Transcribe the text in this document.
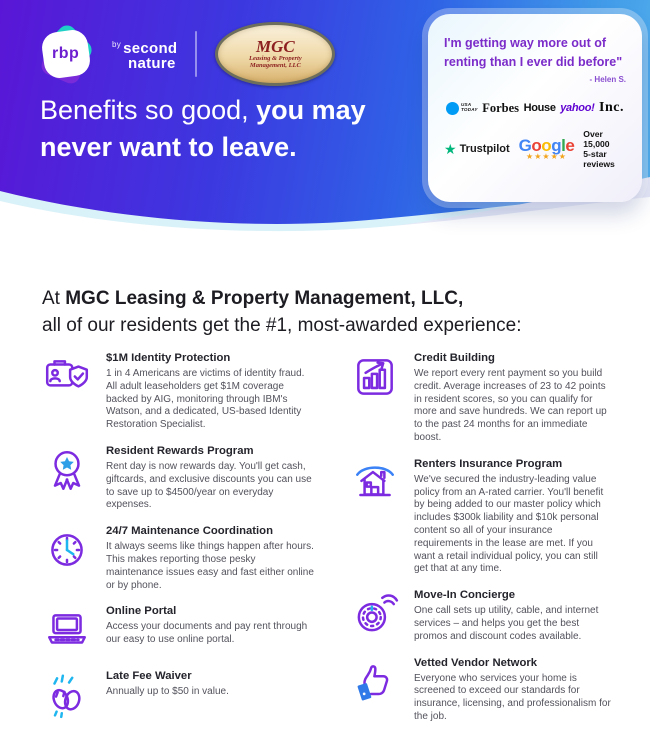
rbp
$^{by}$ second
nature
MGC
Leasing & Property
Management, LLC
Benefits so good, you may
never want to leave.
I'm getting way more out of
renting than I ever did before"
- Helen S.
USA
TODAY Forbes House yahoo! Inc.
★ Trustpilot Google
★★★★★
Over 15,000
5-star reviews
At MGC Leasing & Property Management, LLC,
all of our residents get the #1, most-awarded experience:
$1M Identity Protection
1 in 4 Americans are victims of identity fraud. All adult leaseholders get $1M coverage backed by AIG, monitoring through IBM's Watson, and a dedicated, US-based Identity Restoration Specialist.
Resident Rewards Program
Rent day is now rewards day. You'll get cash, giftcards, and exclusive discounts you can use to save up to $4500/year on everyday expenses.
24/7 Maintenance Coordination
It always seems like things happen after hours. This makes reporting those pesky maintenance issues easy and fast either online or by phone.
Online Portal
Access your documents and pay rent through our easy to use online portal.
Late Fee Waiver
Annually up to $50 in value.
Credit Building
We report every rent payment so you build credit. Average increases of 23 to 42 points in resident scores, so you can qualify for more and save hundreds. We can report up to the past 24 months for an immediate boost.
Renters Insurance Program
We've secured the industry-leading value policy from an A-rated carrier. You'll benefit by being added to our master policy which includes $300k liability and $10k personal content so all of your insurance requirements in the lease are met. If you want a retail individual policy, you can still get that at any time.
Move-In Concierge
One call sets up utility, cable, and internet services – and helps you get the best promos and discount codes available.
Vetted Vendor Network
Everyone who services your home is screened to exceed our standards for insurance, licensing, and professionalism for the job.
